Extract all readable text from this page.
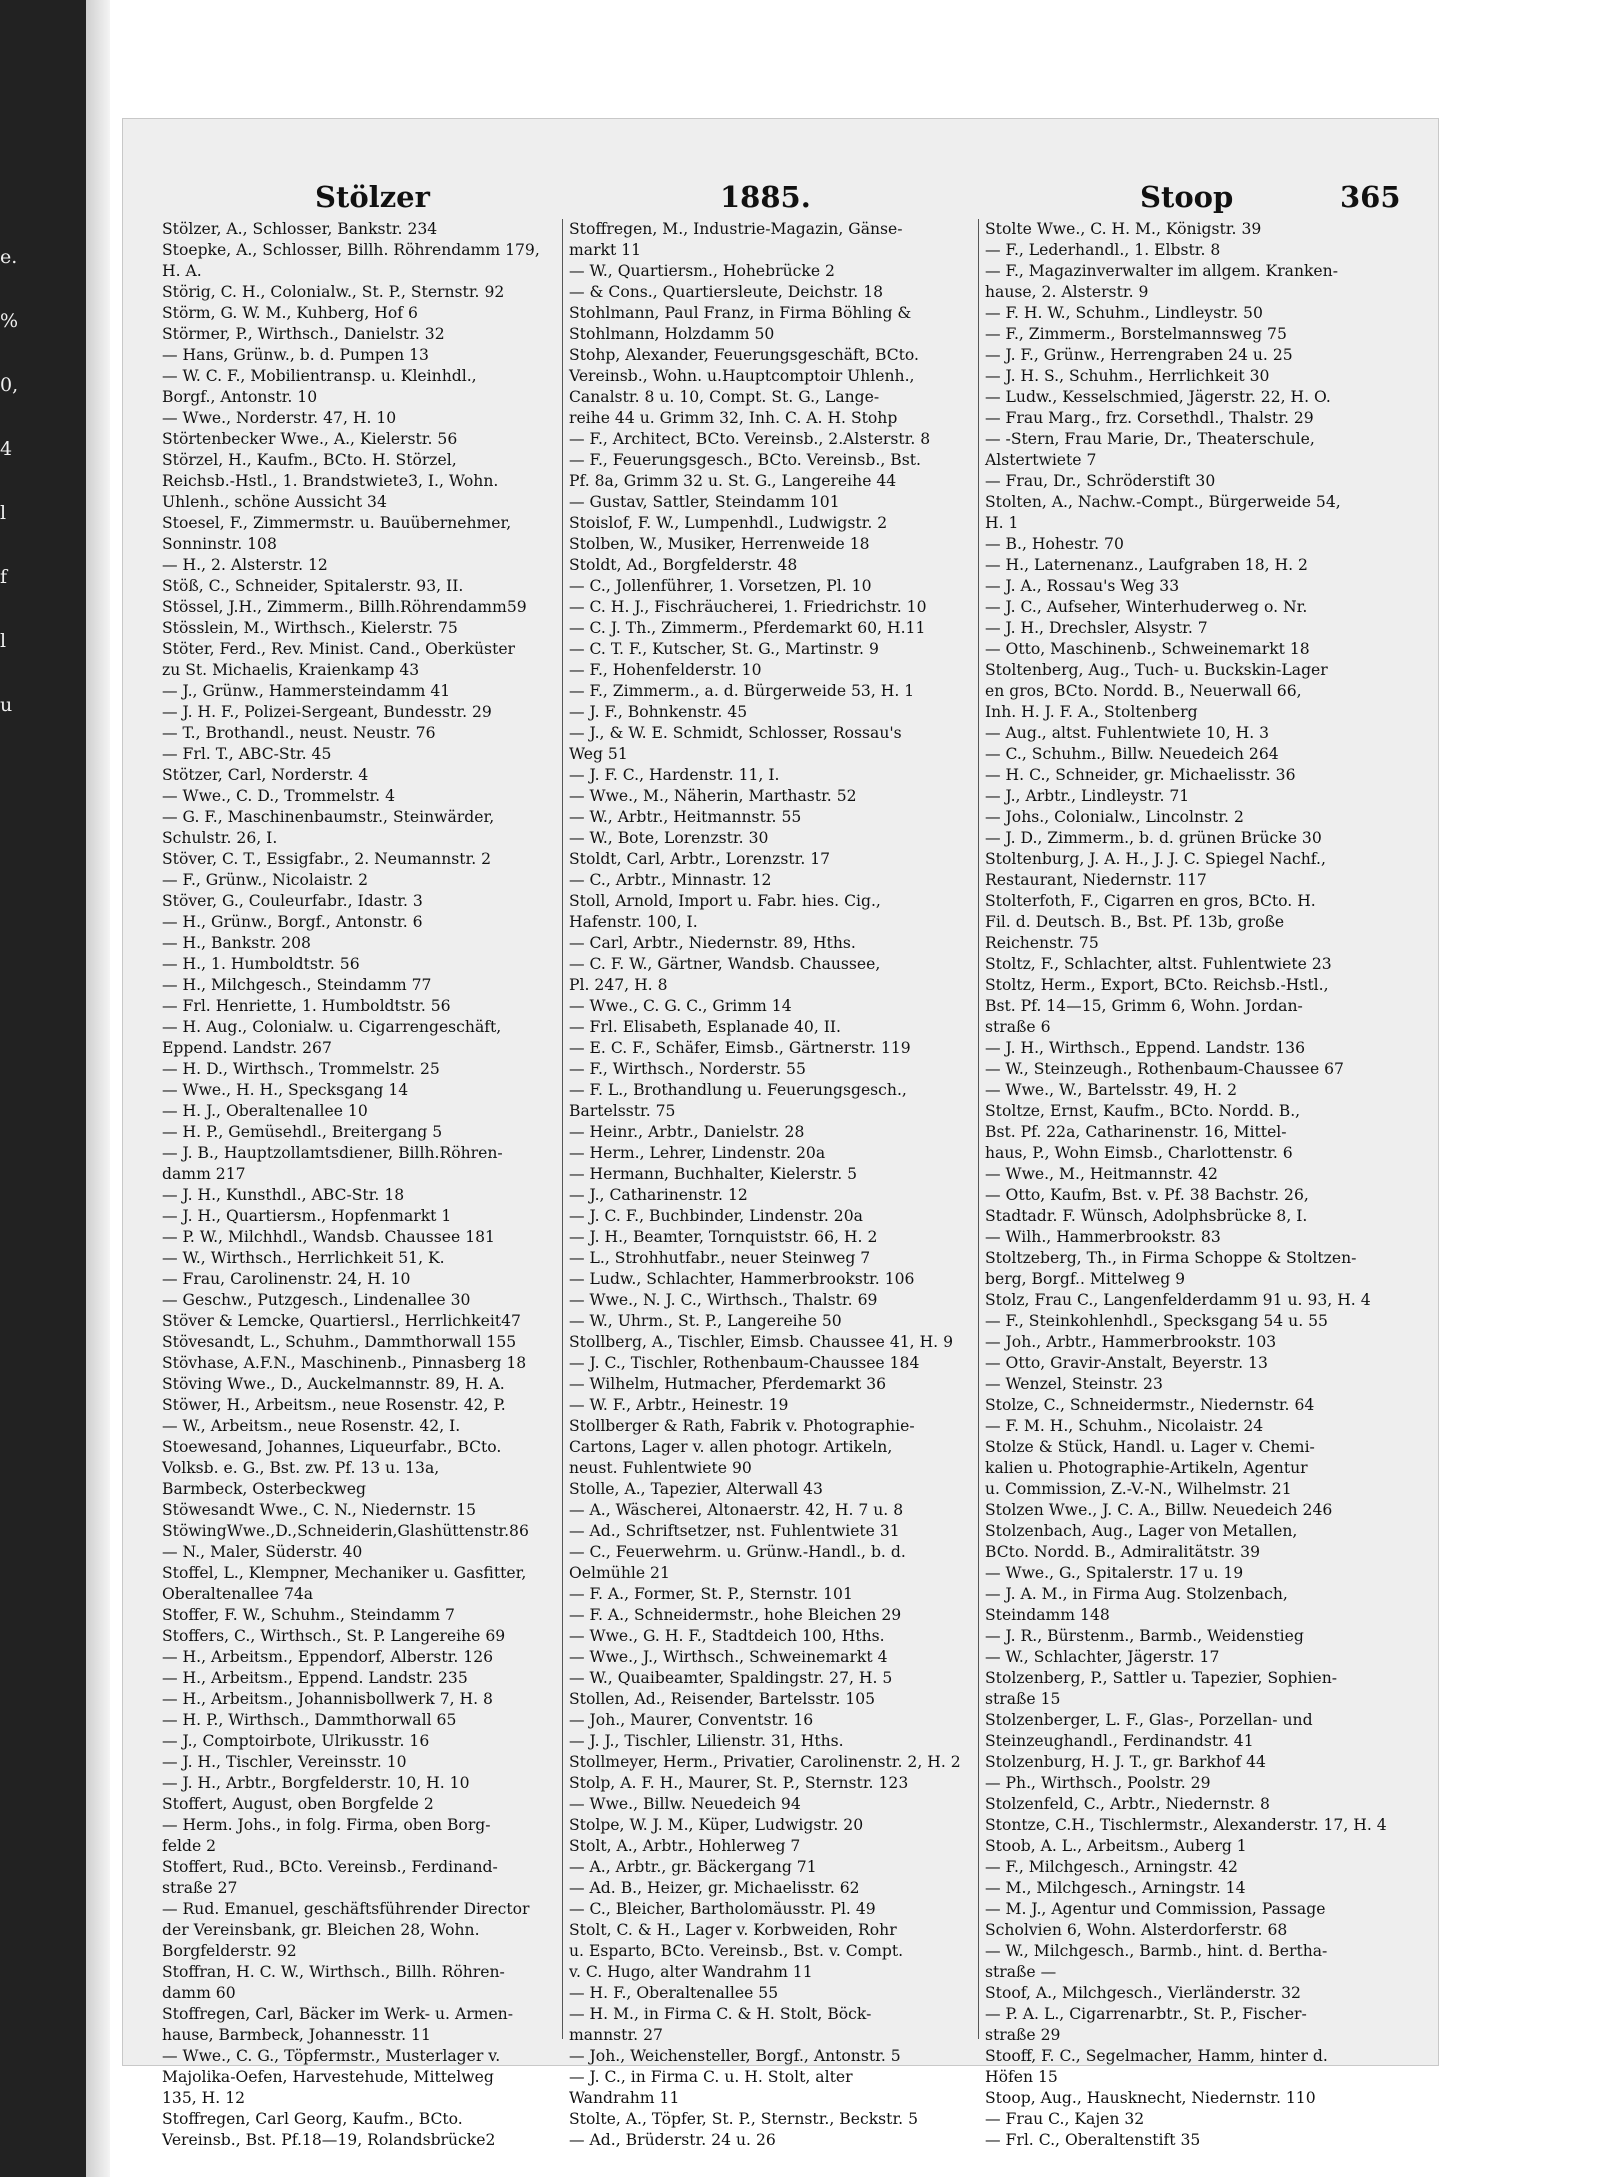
e.
%
0,
4
l
f
l
u
Stölzer	1885.	Stoop	365
Stölzer, A., Schlosser, Bankstr. 234
Stoepke, A., Schlosser, Billh. Röhrendamm 179,
H. A.
Störig, C. H., Colonialw., St. P., Sternstr. 92
Störm, G. W. M., Kuhberg, Hof 6
Störmer, P., Wirthsch., Danielstr. 32
— Hans, Grünw., b. d. Pumpen 13
— W. C. F., Mobilientransp. u. Kleinhdl.,
Borgf., Antonstr. 10
— Wwe., Norderstr. 47, H. 10
Störtenbecker Wwe., A., Kielerstr. 56
Störzel, H., Kaufm., BCto. H. Störzel,
Reichsb.-Hstl., 1. Brandstwiete3, I., Wohn.
Uhlenh., schöne Aussicht 34
Stoesel, F., Zimmermstr. u. Bauübernehmer,
Sonninstr. 108
— H., 2. Alsterstr. 12
Stöß, C., Schneider, Spitalerstr. 93, II.
Stössel, J.H., Zimmerm., Billh.Röhrendamm59
Stösslein, M., Wirthsch., Kielerstr. 75
Stöter, Ferd., Rev. Minist. Cand., Oberküster
zu St. Michaelis, Kraienkamp 43
— J., Grünw., Hammersteindamm 41
— J. H. F., Polizei-Sergeant, Bundesstr. 29
— T., Brothandl., neust. Neustr. 76
— Frl. T., ABC-Str. 45
Stötzer, Carl, Norderstr. 4
— Wwe., C. D., Trommelstr. 4
— G. F., Maschinenbaumstr., Steinwärder,
Schulstr. 26, I.
Stöver, C. T., Essigfabr., 2. Neumannstr. 2
— F., Grünw., Nicolaistr. 2
Stöver, G., Couleurfabr., Idastr. 3
— H., Grünw., Borgf., Antonstr. 6
— H., Bankstr. 208
— H., 1. Humboldtstr. 56
— H., Milchgesch., Steindamm 77
— Frl. Henriette, 1. Humboldtstr. 56
— H. Aug., Colonialw. u. Cigarrengeschäft,
Eppend. Landstr. 267
— H. D., Wirthsch., Trommelstr. 25
— Wwe., H. H., Specksgang 14
— H. J., Oberaltenallee 10
— H. P., Gemüsehdl., Breitergang 5
— J. B., Hauptzollamtsdiener, Billh.Röhren-
damm 217
— J. H., Kunsthdl., ABC-Str. 18
— J. H., Quartiersm., Hopfenmarkt 1
— P. W., Milchhdl., Wandsb. Chaussee 181
— W., Wirthsch., Herrlichkeit 51, K.
— Frau, Carolinenstr. 24, H. 10
— Geschw., Putzgesch., Lindenallee 30
Stöver & Lemcke, Quartiersl., Herrlichkeit47
Stövesandt, L., Schuhm., Dammthorwall 155
Stövhase, A.F.N., Maschinenb., Pinnasberg 18
Stöving Wwe., D., Auckelmannstr. 89, H. A.
Stöwer, H., Arbeitsm., neue Rosenstr. 42, P.
— W., Arbeitsm., neue Rosenstr. 42, I.
Stoewesand, Johannes, Liqueurfabr., BCto.
Volksb. e. G., Bst. zw. Pf. 13 u. 13a,
Barmbeck, Osterbeckweg
Stöwesandt Wwe., C. N., Niedernstr. 15
StöwingWwe.,D.,Schneiderin,Glashüttenstr.86
— N., Maler, Süderstr. 40
Stoffel, L., Klempner, Mechaniker u. Gasfitter,
Oberaltenallee 74a
Stoffer, F. W., Schuhm., Steindamm 7
Stoffers, C., Wirthsch., St. P. Langereihe 69
— H., Arbeitsm., Eppendorf, Alberstr. 126
— H., Arbeitsm., Eppend. Landstr. 235
— H., Arbeitsm., Johannisbollwerk 7, H. 8
— H. P., Wirthsch., Dammthorwall 65
— J., Comptoirbote, Ulrikusstr. 16
— J. H., Tischler, Vereinsstr. 10
— J. H., Arbtr., Borgfelderstr. 10, H. 10
Stoffert, August, oben Borgfelde 2
— Herm. Johs., in folg. Firma, oben Borg-
felde 2
Stoffert, Rud., BCto. Vereinsb., Ferdinand-
straße 27
— Rud. Emanuel, geschäftsführender Director
der Vereinsbank, gr. Bleichen 28, Wohn.
Borgfelderstr. 92
Stoffran, H. C. W., Wirthsch., Billh. Röhren-
damm 60
Stoffregen, Carl, Bäcker im Werk- u. Armen-
hause, Barmbeck, Johannesstr. 11
— Wwe., C. G., Töpfermstr., Musterlager v.
Majolika-Oefen, Harvestehude, Mittelweg
135, H. 12
Stoffregen, Carl Georg, Kaufm., BCto.
Vereinsb., Bst. Pf.18—19, Rolandsbrücke2
Stoffregen, M., Industrie-Magazin, Gänse-
markt 11
— W., Quartiersm., Hohebrücke 2
— & Cons., Quartiersleute, Deichstr. 18
Stohlmann, Paul Franz, in Firma Böhling &
Stohlmann, Holzdamm 50
Stohp, Alexander, Feuerungsgeschäft, BCto.
Vereinsb., Wohn. u.Hauptcomptoir Uhlenh.,
Canalstr. 8 u. 10, Compt. St. G., Lange-
reihe 44 u. Grimm 32, Inh. C. A. H. Stohp
— F., Architect, BCto. Vereinsb., 2.Alsterstr. 8
— F., Feuerungsgesch., BCto. Vereinsb., Bst.
Pf. 8a, Grimm 32 u. St. G., Langereihe 44
— Gustav, Sattler, Steindamm 101
Stoislof, F. W., Lumpenhdl., Ludwigstr. 2
Stolben, W., Musiker, Herrenweide 18
Stoldt, Ad., Borgfelderstr. 48
— C., Jollenführer, 1. Vorsetzen, Pl. 10
— C. H. J., Fischräucherei, 1. Friedrichstr. 10
— C. J. Th., Zimmerm., Pferdemarkt 60, H.11
— C. T. F., Kutscher, St. G., Martinstr. 9
— F., Hohenfelderstr. 10
— F., Zimmerm., a. d. Bürgerweide 53, H. 1
— J. F., Bohnkenstr. 45
— J., & W. E. Schmidt, Schlosser, Rossau's
Weg 51
— J. F. C., Hardenstr. 11, I.
— Wwe., M., Näherin, Marthastr. 52
— W., Arbtr., Heitmannstr. 55
— W., Bote, Lorenzstr. 30
Stoldt, Carl, Arbtr., Lorenzstr. 17
— C., Arbtr., Minnastr. 12
Stoll, Arnold, Import u. Fabr. hies. Cig.,
Hafenstr. 100, I.
— Carl, Arbtr., Niedernstr. 89, Hths.
— C. F. W., Gärtner, Wandsb. Chaussee,
Pl. 247, H. 8
— Wwe., C. G. C., Grimm 14
— Frl. Elisabeth, Esplanade 40, II.
— E. C. F., Schäfer, Eimsb., Gärtnerstr. 119
— F., Wirthsch., Norderstr. 55
— F. L., Brothandlung u. Feuerungsgesch.,
Bartelsstr. 75
— Heinr., Arbtr., Danielstr. 28
— Herm., Lehrer, Lindenstr. 20a
— Hermann, Buchhalter, Kielerstr. 5
— J., Catharinenstr. 12
— J. C. F., Buchbinder, Lindenstr. 20a
— J. H., Beamter, Tornquiststr. 66, H. 2
— L., Strohhutfabr., neuer Steinweg 7
— Ludw., Schlachter, Hammerbrookstr. 106
— Wwe., N. J. C., Wirthsch., Thalstr. 69
— W., Uhrm., St. P., Langereihe 50
Stollberg, A., Tischler, Eimsb. Chaussee 41, H. 9
— J. C., Tischler, Rothenbaum-Chaussee 184
— Wilhelm, Hutmacher, Pferdemarkt 36
— W. F., Arbtr., Heinestr. 19
Stollberger & Rath, Fabrik v. Photographie-
Cartons, Lager v. allen photogr. Artikeln,
neust. Fuhlentwiete 90
Stolle, A., Tapezier, Alterwall 43
— A., Wäscherei, Altonaerstr. 42, H. 7 u. 8
— Ad., Schriftsetzer, nst. Fuhlentwiete 31
— C., Feuerwehrm. u. Grünw.-Handl., b. d.
Oelmühle 21
— F. A., Former, St. P., Sternstr. 101
— F. A., Schneidermstr., hohe Bleichen 29
— Wwe., G. H. F., Stadtdeich 100, Hths.
— Wwe., J., Wirthsch., Schweinemarkt 4
— W., Quaibeamter, Spaldingstr. 27, H. 5
Stollen, Ad., Reisender, Bartelsstr. 105
— Joh., Maurer, Conventstr. 16
— J. J., Tischler, Lilienstr. 31, Hths.
Stollmeyer, Herm., Privatier, Carolinenstr. 2, H. 2
Stolp, A. F. H., Maurer, St. P., Sternstr. 123
— Wwe., Billw. Neuedeich 94
Stolpe, W. J. M., Küper, Ludwigstr. 20
Stolt, A., Arbtr., Hohlerweg 7
— A., Arbtr., gr. Bäckergang 71
— Ad. B., Heizer, gr. Michaelisstr. 62
— C., Bleicher, Bartholomäusstr. Pl. 49
Stolt, C. & H., Lager v. Korbweiden, Rohr
u. Esparto, BCto. Vereinsb., Bst. v. Compt.
v. C. Hugo, alter Wandrahm 11
— H. F., Oberaltenallee 55
— H. M., in Firma C. & H. Stolt, Böck-
mannstr. 27
— Joh., Weichensteller, Borgf., Antonstr. 5
— J. C., in Firma C. u. H. Stolt, alter
Wandrahm 11
Stolte, A., Töpfer, St. P., Sternstr., Beckstr. 5
— Ad., Brüderstr. 24 u. 26
Stolte Wwe., C. H. M., Königstr. 39
— F., Lederhandl., 1. Elbstr. 8
— F., Magazinverwalter im allgem. Kranken-
hause, 2. Alsterstr. 9
— F. H. W., Schuhm., Lindleystr. 50
— F., Zimmerm., Borstelmannsweg 75
— J. F., Grünw., Herrengraben 24 u. 25
— J. H. S., Schuhm., Herrlichkeit 30
— Ludw., Kesselschmied, Jägerstr. 22, H. O.
— Frau Marg., frz. Corsethdl., Thalstr. 29
— -Stern, Frau Marie, Dr., Theaterschule,
Alstertwiete 7
— Frau, Dr., Schröderstift 30
Stolten, A., Nachw.-Compt., Bürgerweide 54,
H. 1
— B., Hohestr. 70
— H., Laternenanz., Laufgraben 18, H. 2
— J. A., Rossau's Weg 33
— J. C., Aufseher, Winterhuderweg o. Nr.
— J. H., Drechsler, Alsystr. 7
— Otto, Maschinenb., Schweinemarkt 18
Stoltenberg, Aug., Tuch- u. Buckskin-Lager
en gros, BCto. Nordd. B., Neuerwall 66,
Inh. H. J. F. A., Stoltenberg
— Aug., altst. Fuhlentwiete 10, H. 3
— C., Schuhm., Billw. Neuedeich 264
— H. C., Schneider, gr. Michaelisstr. 36
— J., Arbtr., Lindleystr. 71
— Johs., Colonialw., Lincolnstr. 2
— J. D., Zimmerm., b. d. grünen Brücke 30
Stoltenburg, J. A. H., J. J. C. Spiegel Nachf.,
Restaurant, Niedernstr. 117
Stolterfoth, F., Cigarren en gros, BCto. H.
Fil. d. Deutsch. B., Bst. Pf. 13b, große
Reichenstr. 75
Stoltz, F., Schlachter, altst. Fuhlentwiete 23
Stoltz, Herm., Export, BCto. Reichsb.-Hstl.,
Bst. Pf. 14—15, Grimm 6, Wohn. Jordan-
straße 6
— J. H., Wirthsch., Eppend. Landstr. 136
— W., Steinzeugh., Rothenbaum-Chaussee 67
— Wwe., W., Bartelsstr. 49, H. 2
Stoltze, Ernst, Kaufm., BCto. Nordd. B.,
Bst. Pf. 22a, Catharinenstr. 16, Mittel-
haus, P., Wohn Eimsb., Charlottenstr. 6
— Wwe., M., Heitmannstr. 42
— Otto, Kaufm, Bst. v. Pf. 38 Bachstr. 26,
Stadtadr. F. Wünsch, Adolphsbrücke 8, I.
— Wilh., Hammerbrookstr. 83
Stoltzeberg, Th., in Firma Schoppe & Stoltzen-
berg, Borgf.. Mittelweg 9
Stolz, Frau C., Langenfelderdamm 91 u. 93, H. 4
— F., Steinkohlenhdl., Specksgang 54 u. 55
— Joh., Arbtr., Hammerbrookstr. 103
— Otto, Gravir-Anstalt, Beyerstr. 13
— Wenzel, Steinstr. 23
Stolze, C., Schneidermstr., Niedernstr. 64
— F. M. H., Schuhm., Nicolaistr. 24
Stolze & Stück, Handl. u. Lager v. Chemi-
kalien u. Photographie-Artikeln, Agentur
u. Commission, Z.-V.-N., Wilhelmstr. 21
Stolzen Wwe., J. C. A., Billw. Neuedeich 246
Stolzenbach, Aug., Lager von Metallen,
BCto. Nordd. B., Admiralitätstr. 39
— Wwe., G., Spitalerstr. 17 u. 19
— J. A. M., in Firma Aug. Stolzenbach,
Steindamm 148
— J. R., Bürstenm., Barmb., Weidenstieg
— W., Schlachter, Jägerstr. 17
Stolzenberg, P., Sattler u. Tapezier, Sophien-
straße 15
Stolzenberger, L. F., Glas-, Porzellan- und
Steinzeughandl., Ferdinandstr. 41
Stolzenburg, H. J. T., gr. Barkhof 44
— Ph., Wirthsch., Poolstr. 29
Stolzenfeld, C., Arbtr., Niedernstr. 8
Stontze, C.H., Tischlermstr., Alexanderstr. 17, H. 4
Stoob, A. L., Arbeitsm., Auberg 1
— F., Milchgesch., Arningstr. 42
— M., Milchgesch., Arningstr. 14
— M. J., Agentur und Commission, Passage
Scholvien 6, Wohn. Alsterdorferstr. 68
— W., Milchgesch., Barmb., hint. d. Bertha-
straße —
Stoof, A., Milchgesch., Vierländerstr. 32
— P. A. L., Cigarrenarbtr., St. P., Fischer-
straße 29
Stooff, F. C., Segelmacher, Hamm, hinter d.
Höfen 15
Stoop, Aug., Hausknecht, Niedernstr. 110
— Frau C., Kajen 32
— Frl. C., Oberaltenstift 35
